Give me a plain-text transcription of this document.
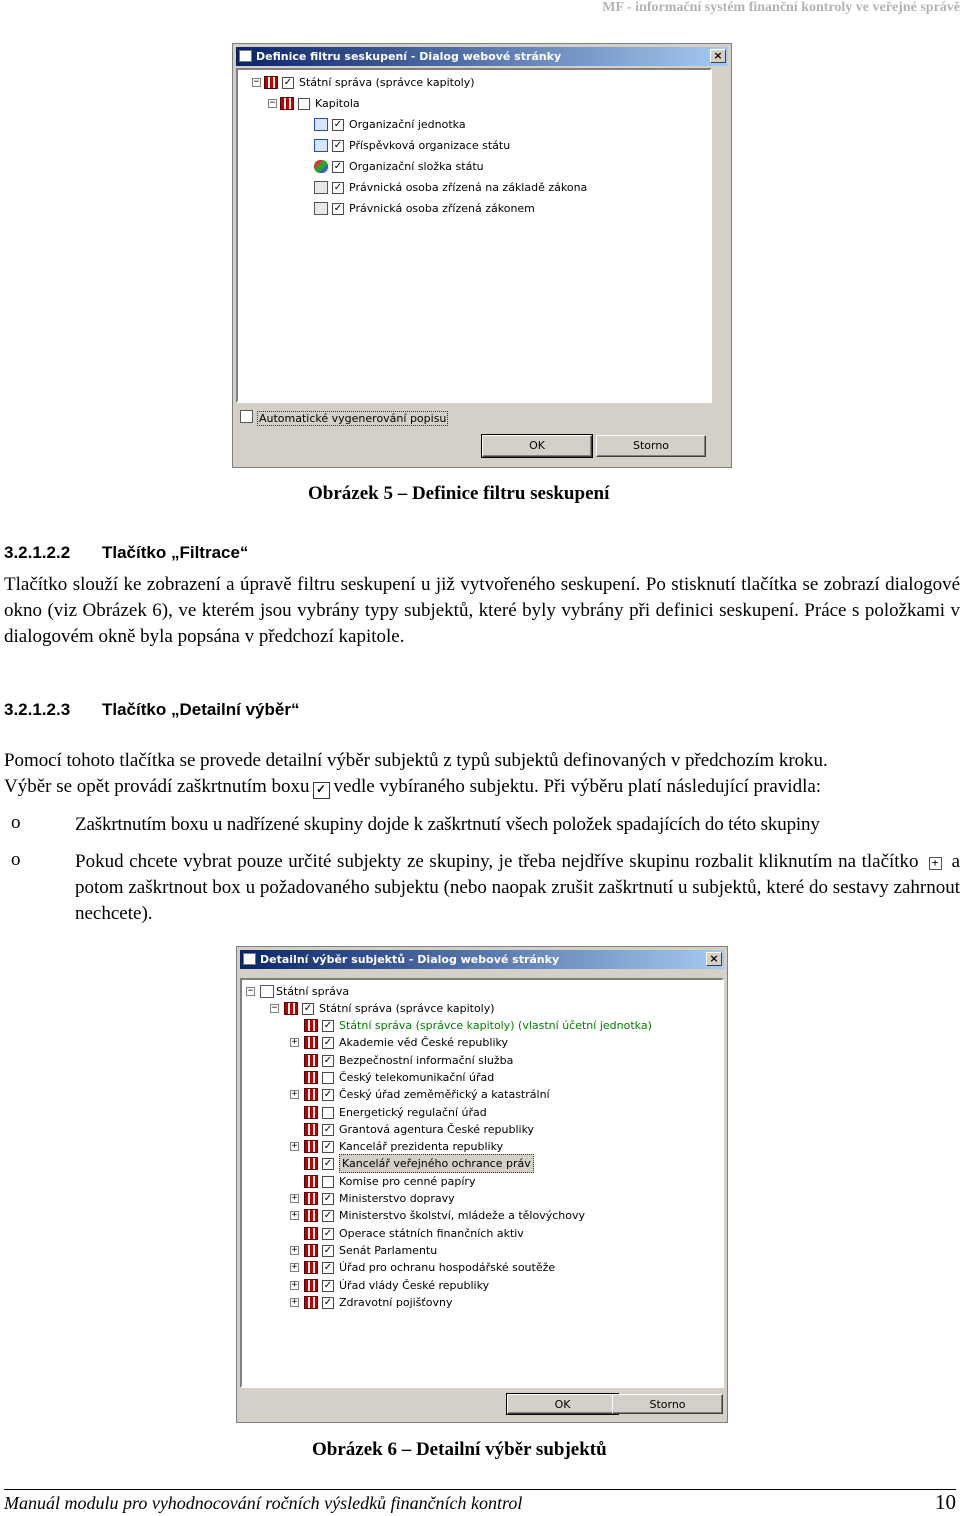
MF - informační systém finanční kontroly ve veřejné správě
Definice filtru seskupení - Dialog webové stránky	×
− ✓ Státní správa (správce kapitoly)
−	Kapitola
✓ Organizační jednotka
✓ Příspěvková organizace státu
✓ Organizační složka státu
✓ Právnická osoba zřízená na základě zákona
✓ Právnická osoba zřízená zákonem
Automatické vygenerování popisu
OK	Storno
Obrázek 5 – Definice filtru seskupení
3.2.1.2.2 Tlačítko „Filtrace“
Tlačítko slouží ke zobrazení a úpravě filtru seskupení u již vytvořeného seskupení. Po stisknutí tlačítka se zobrazí dialogové okno (viz Obrázek 6), ve kterém jsou vybrány typy subjektů, které byly vybrány při definici seskupení. Práce s položkami v dialogovém okně byla popsána v předchozí kapitole.
3.2.1.2.3 Tlačítko „Detailní výběr“
Pomocí tohoto tlačítka se provede detailní výběr subjektů z typů subjektů definovaných v předchozím kroku.
Výběr se opět provádí zaškrtnutím boxu ✓ vedle vybíraného subjektu. Při výběru platí následující pravidla:
o	Zaškrtnutím boxu u nadřízené skupiny dojde k zaškrtnutí všech položek spadajících do této skupiny
o	Pokud chcete vybrat pouze určité subjekty ze skupiny, je třeba nejdříve skupinu rozbalit kliknutím na tlačítko + a potom zaškrtnout box u požadovaného subjektu (nebo naopak zrušit zaškrtnutí u subjektů, které do sestavy zahrnout nechcete).
Detailní výběr subjektů - Dialog webové stránky	×
− Státní správa
−	✓ Státní správa (správce kapitoly)
✓ Státní správa (správce kapitoly) (vlastní účetní jednotka)
+	✓ Akademie věd České republiky
✓ Bezpečnostní informační služba
Český telekomunikační úřad
+	✓ Český úřad zeměměřický a katastrální
Energetický regulační úřad
✓ Grantová agentura České republiky
+	✓ Kancelář prezidenta republiky
✓ Kancelář veřejného ochrance práv
Komise pro cenné papíry
+	✓ Ministerstvo dopravy
+	✓ Ministerstvo školství, mládeže a tělovýchovy
✓ Operace státních finančních aktiv
+	✓ Senát Parlamentu
+	✓ Úřad pro ochranu hospodářské soutěže
+	✓ Úřad vlády České republiky
+	✓ Zdravotní pojišťovny
OK	Storno
Obrázek 6 – Detailní výběr subjektů
Manuál modulu pro vyhodnocování ročních výsledků finančních kontrol	10
